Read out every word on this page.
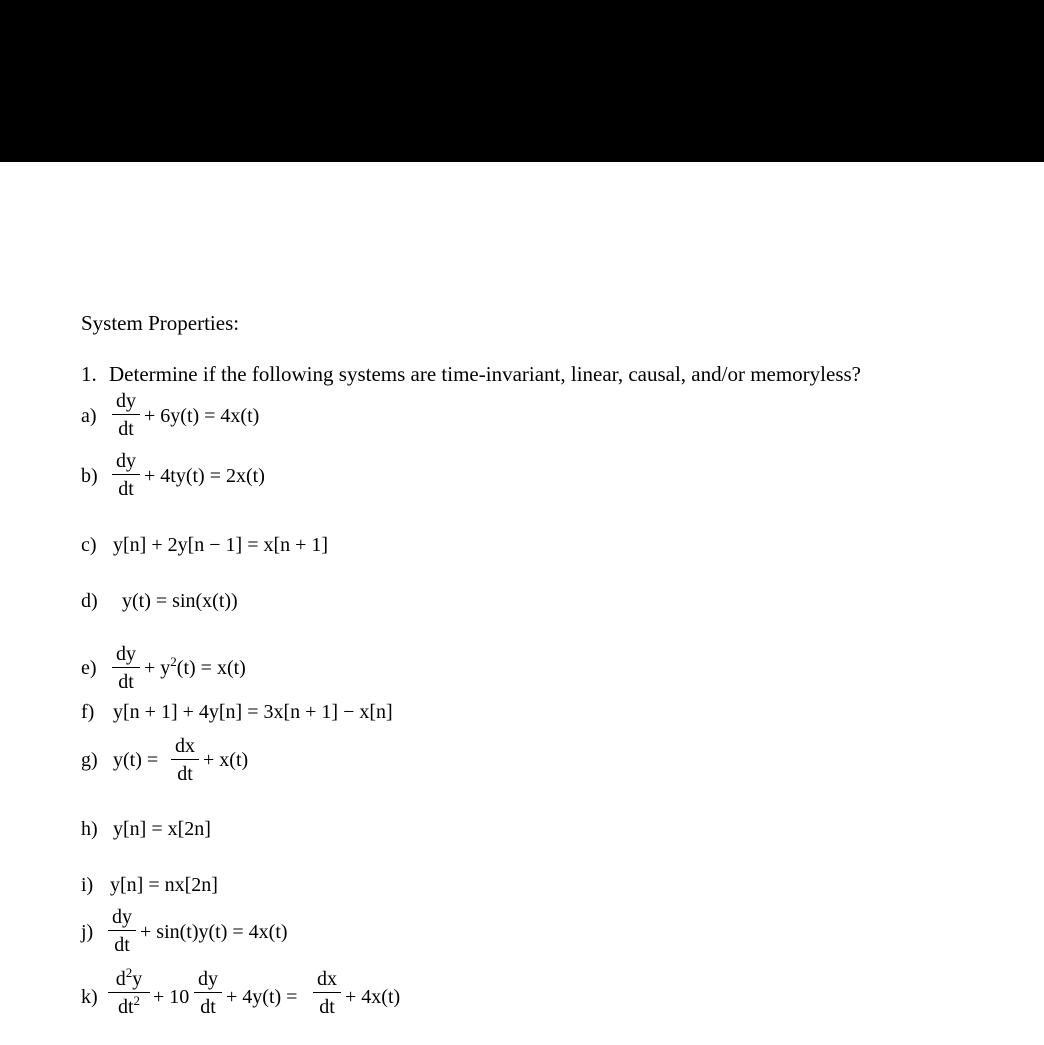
System Properties:
1. Determine if the following systems are time-invariant, linear, causal, and/or memoryless?
a)
dy
dt
+ 6y(t) = 4x(t)
b)
dy
dt
+ 4ty(t) = 2x(t)
c) y[n] + 2y[n − 1] = x[n + 1]
d) y(t) = sin(x(t))
e)
dy
dt
+ $y^2(t) = x(t)$
f) y[n + 1] + 4y[n] = 3x[n + 1] − x[n]
g) y(t) =
dx
dt
+ x(t)
h) y[n] = x[2n]
i) y[n] = nx[2n]
j)
dy
dt
+ sin(t)y(t) = 4x(t)
k)
$d^2y$
$dt^2 + 10$
dy
dt + 4y(t) =
dx
dt + 4x(t)
